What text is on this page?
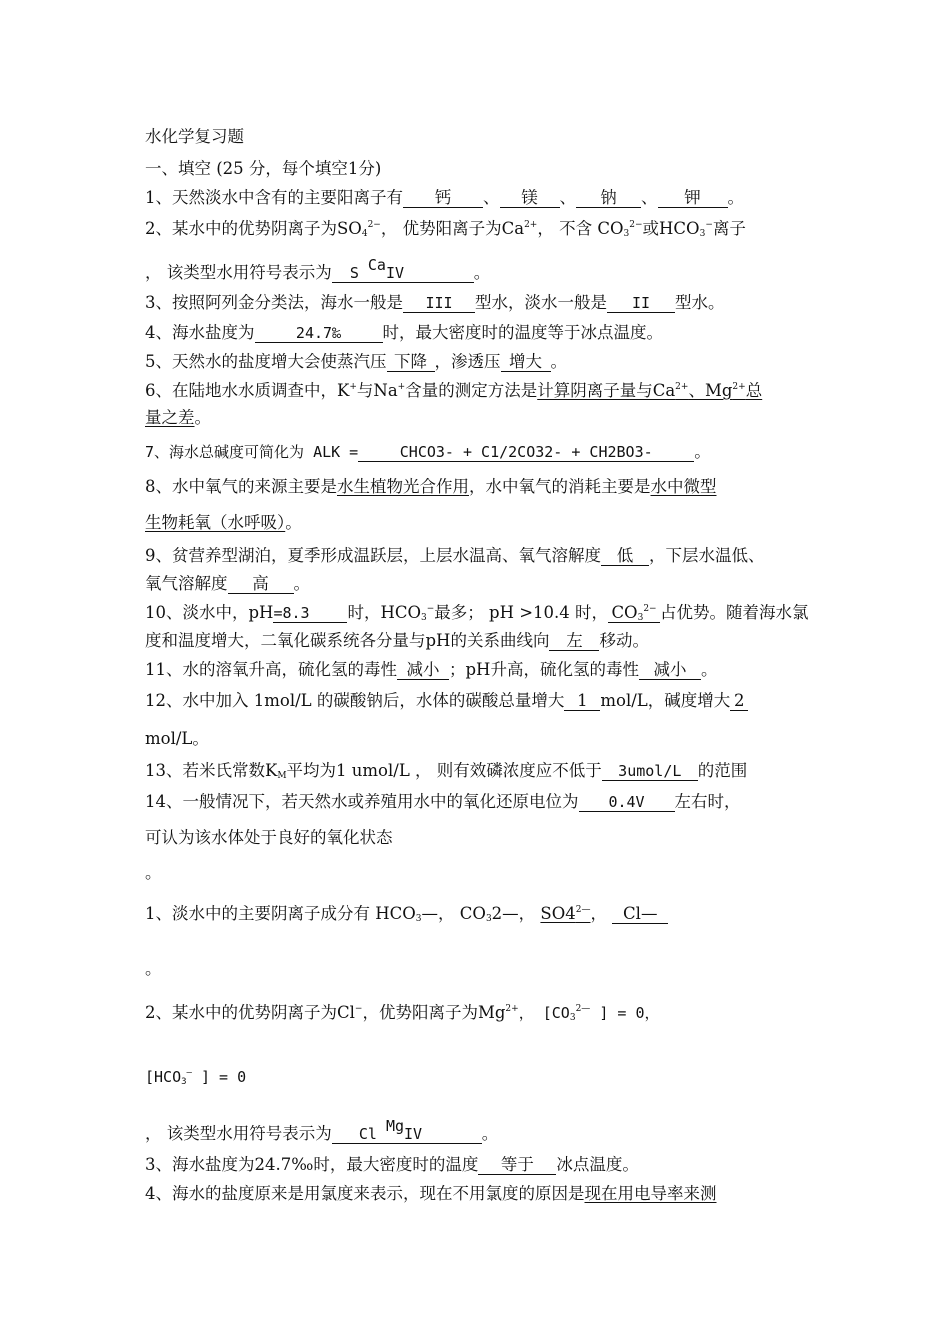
水化学复习题
一、填空 (25 分，每个填空1分)
1、天然淡水中含有的主要阳离子有 钙 、 镁 、 钠 、 钾 。
2、某水中的优势阴离子为$SO_4^{2-}$， 优势阳离子为$Ca^{2+}$， 不含 $CO_3^{2-}$或$HCO_3^-$离子
， 该类型水用符号表示为 S CaIV	。
3、按照阿列金分类法，海水一般是 III 型水，淡水一般是 II 型水。
4、海水盐度为	24.7‰	时，最大密度时的温度等于冰点温度。
5、天然水的盐度增大会使蒸汽压 下降 ，渗透压 增大 。
6、在陆地水水质调查中，K+与Na+含量的测定方法是计算阴离子量与$Ca^{2+}$、$Mg^{2+}$总
量之差。
7、海水总碱度可简化为 ALK =	CHCO3- + C1/2CO32- + CH2BO3-	。
8、水中氧气的来源主要是水生植物光合作用，水中氧气的消耗主要是水中微型
生物耗氧（水呼吸）。
9、贫营养型湖泊，夏季形成温跃层，上层水温高、氧气溶解度 低 ，下层水温低、
氧气溶解度 高 。
10、淡水中，pH=8.3 时，$HCO_3^-$最多； pH >10.4 时， $CO_3^{2-}$ 占优势。随着海水氯
度和温度增大，二氧化碳系统各分量与pH的关系曲线向 左 移动。
11、水的溶氧升高，硫化氢的毒性 减小 ；pH升高，硫化氢的毒性 减小 。
12、水中加入 1mol/L 的碳酸钠后，水体的碳酸总量增大 1 mol/L，碱度增大 2
mol/L。
13、若米氏常数$K_M$平均为1 umol/L ， 则有效磷浓度应不低于 3umol/L 的范围
14、一般情况下，若天然水或养殖用水中的氧化还原电位为 0.4V 左右时，
可认为该水体处于良好的氧化状态
。
1、淡水中的主要阴离子成分有 $HCO_3—$， $CO_32—$， $SO4^{2—}$， Cl—
。
2、某水中的优势阴离子为Cl−，优势阳离子为$Mg^{2+}$， [$CO_3^{2—}$ ] = 0，
[$HCO_3^—$ ] = 0
， 该类型水用符号表示为 Cl MgIV	。
3、海水盐度为24.7‰时，最大密度时的温度 等于 冰点温度。
4、海水的盐度原来是用氯度来表示，现在不用氯度的原因是现在用电导率来测
